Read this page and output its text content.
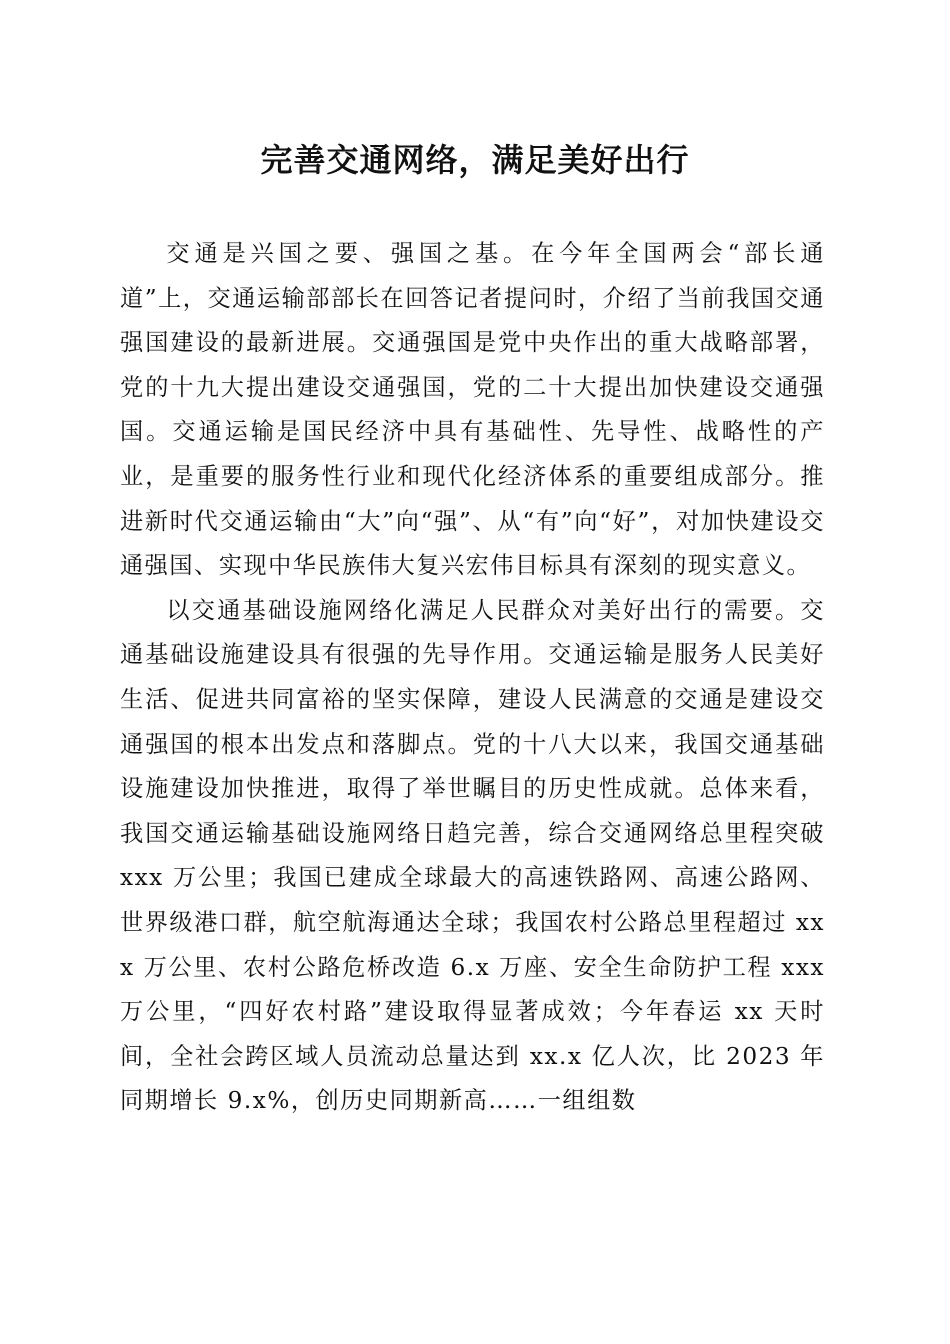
完善交通网络，满足美好出行

交通是兴国之要、强国之基。在今年全国两会“部长通道”上，交通运输部部长在回答记者提问时，介绍了当前我国交通强国建设的最新进展。交通强国是党中央作出的重大战略部署，党的十九大提出建设交通强国，党的二十大提出加快建设交通强国。交通运输是国民经济中具有基础性、先导性、战略性的产业，是重要的服务性行业和现代化经济体系的重要组成部分。推进新时代交通运输由“大”向“强”、从“有”向“好”，对加快建设交通强国、实现中华民族伟大复兴宏伟目标具有深刻的现实意义。

以交通基础设施网络化满足人民群众对美好出行的需要。交通基础设施建设具有很强的先导作用。交通运输是服务人民美好生活、促进共同富裕的坚实保障，建设人民满意的交通是建设交通强国的根本出发点和落脚点。党的十八大以来，我国交通基础设施建设加快推进，取得了举世瞩目的历史性成就。总体来看，我国交通运输基础设施网络日趋完善，综合交通网络总里程突破 xxx 万公里；我国已建成全球最大的高速铁路网、高速公路网、世界级港口群，航空航海通达全球；我国农村公路总里程超过 xxx 万公里、农村公路危桥改造 6.x 万座、安全生命防护工程 xxx 万公里，“四好农村路”建设取得显著成效；今年春运 xx 天时间，全社会跨区域人员流动总量达到 xx.x 亿人次，比 2023 年同期增长 9.x%，创历史同期新高……一组组数
